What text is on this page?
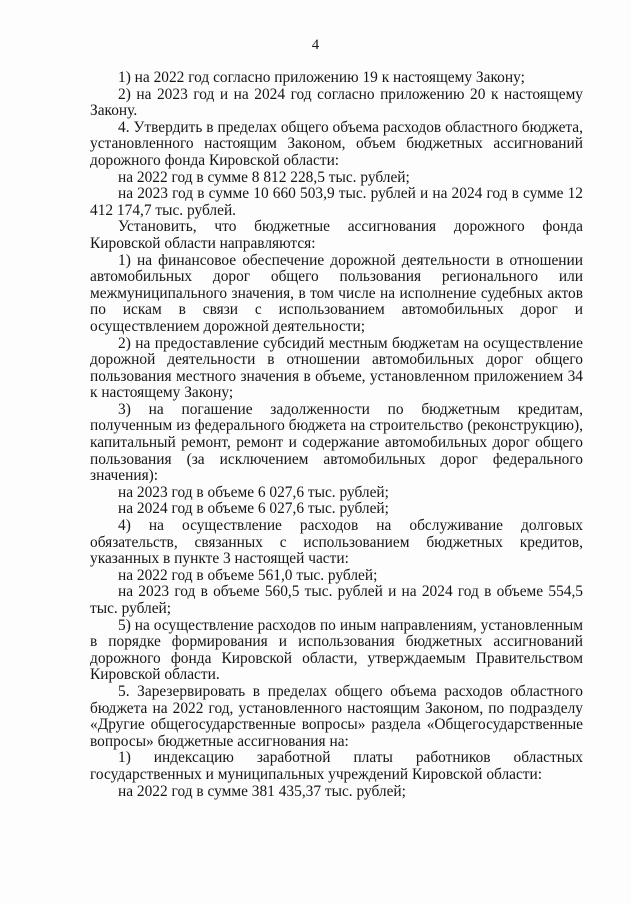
4

1) на 2022 год согласно приложению 19 к настоящему Закону;

2) на 2023 год и на 2024 год согласно приложению 20 к настоящему Закону.

4. Утвердить в пределах общего объема расходов областного бюджета, установленного настоящим Законом, объем бюджетных ассигнований дорожного фонда Кировской области:

на 2022 год в сумме 8 812 228,5 тыс. рублей;

на 2023 год в сумме 10 660 503,9 тыс. рублей и на 2024 год в сумме 12 412 174,7 тыс. рублей.

Установить, что бюджетные ассигнования дорожного фонда Кировской области направляются:

1) на финансовое обеспечение дорожной деятельности в отношении автомобильных дорог общего пользования регионального или межмуниципального значения, в том числе на исполнение судебных актов по искам в связи с использованием автомобильных дорог и осуществлением дорожной деятельности;

2) на предоставление субсидий местным бюджетам на осуществление дорожной деятельности в отношении автомобильных дорог общего пользования местного значения в объеме, установленном приложением 34 к настоящему Закону;

3) на погашение задолженности по бюджетным кредитам, полученным из федерального бюджета на строительство (реконструкцию), капитальный ремонт, ремонт и содержание автомобильных дорог общего пользования (за исключением автомобильных дорог федерального значения):

на 2023 год в объеме 6 027,6 тыс. рублей;

на 2024 год в объеме 6 027,6 тыс. рублей;

4) на осуществление расходов на обслуживание долговых обязательств, связанных с использованием бюджетных кредитов, указанных в пункте 3 настоящей части:

на 2022 год в объеме 561,0 тыс. рублей;

на 2023 год в объеме 560,5 тыс. рублей и на 2024 год в объеме 554,5 тыс. рублей;

5) на осуществление расходов по иным направлениям, установленным в порядке формирования и использования бюджетных ассигнований дорожного фонда Кировской области, утверждаемым Правительством Кировской области.

5. Зарезервировать в пределах общего объема расходов областного бюджета на 2022 год, установленного настоящим Законом, по подразделу «Другие общегосударственные вопросы» раздела «Общегосударственные вопросы» бюджетные ассигнования на:

1) индексацию заработной платы работников областных государственных и муниципальных учреждений Кировской области:

на 2022 год в сумме 381 435,37 тыс. рублей;
